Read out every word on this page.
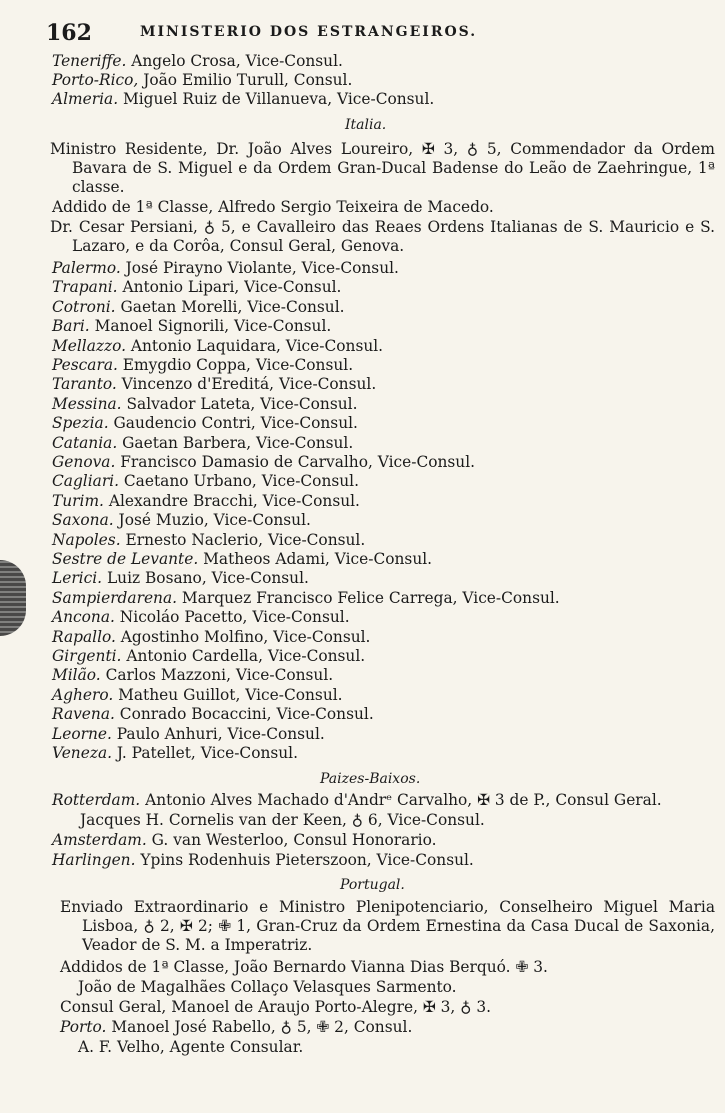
162	MINISTERIO DOS ESTRANGEIROS.
Teneriffe. Angelo Crosa, Vice-Consul.
Porto-Rico, João Emilio Turull, Consul.
Almeria. Miguel Ruiz de Villanueva, Vice-Consul.
Italia.
Ministro Residente, Dr. João Alves Loureiro, ✠ 3, ♁ 5, Commendador da Ordem Bavara de S. Miguel e da Ordem Gran-Ducal Badense do Leão de Zaehringue, 1ª classe.
Addido de 1ª Classe, Alfredo Sergio Teixeira de Macedo.
Dr. Cesar Persiani, ♁ 5, e Cavalleiro das Reaes Ordens Italianas de S. Mauricio e S. Lazaro, e da Corôa, Consul Geral, Genova.
Palermo. José Pirayno Violante, Vice-Consul.
Trapani. Antonio Lipari, Vice-Consul.
Cotroni. Gaetan Morelli, Vice-Consul.
Bari. Manoel Signorili, Vice-Consul.
Mellazzo. Antonio Laquidara, Vice-Consul.
Pescara. Emygdio Coppa, Vice-Consul.
Taranto. Vincenzo d'Ereditá, Vice-Consul.
Messina. Salvador Lateta, Vice-Consul.
Spezia. Gaudencio Contri, Vice-Consul.
Catania. Gaetan Barbera, Vice-Consul.
Genova. Francisco Damasio de Carvalho, Vice-Consul.
Cagliari. Caetano Urbano, Vice-Consul.
Turim. Alexandre Bracchi, Vice-Consul.
Saxona. José Muzio, Vice-Consul.
Napoles. Ernesto Naclerio, Vice-Consul.
Sestre de Levante. Matheos Adami, Vice-Consul.
Lerici. Luiz Bosano, Vice-Consul.
Sampierdarena. Marquez Francisco Felice Carrega, Vice-Consul.
Ancona. Nicoláo Pacetto, Vice-Consul.
Rapallo. Agostinho Molfino, Vice-Consul.
Girgenti. Antonio Cardella, Vice-Consul.
Milão. Carlos Mazzoni, Vice-Consul.
Aghero. Matheu Guillot, Vice-Consul.
Ravena. Conrado Bocaccini, Vice-Consul.
Leorne. Paulo Anhuri, Vice-Consul.
Veneza. J. Patellet, Vice-Consul.
Paizes-Baixos.
Rotterdam. Antonio Alves Machado d'Andrᵉ Carvalho, ✠ 3 de P., Consul Geral.
Jacques H. Cornelis van der Keen, ♁ 6, Vice-Consul.
Amsterdam. G. van Westerloo, Consul Honorario.
Harlingen. Ypins Rodenhuis Pieterszoon, Vice-Consul.
Portugal.
Enviado Extraordinario e Ministro Plenipotenciario, Conselheiro Miguel Maria Lisboa, ♁ 2, ✠ 2; ✙ 1, Gran-Cruz da Ordem Ernestina da Casa Ducal de Saxonia, Veador de S. M. a Imperatriz.
Addidos de 1ª Classe, João Bernardo Vianna Dias Berquó. ✙ 3.
João de Magalhães Collaço Velasques Sarmento.
Consul Geral, Manoel de Araujo Porto-Alegre, ✠ 3, ♁ 3.
Porto. Manoel José Rabello, ♁ 5, ✙ 2, Consul.
A. F. Velho, Agente Consular.
